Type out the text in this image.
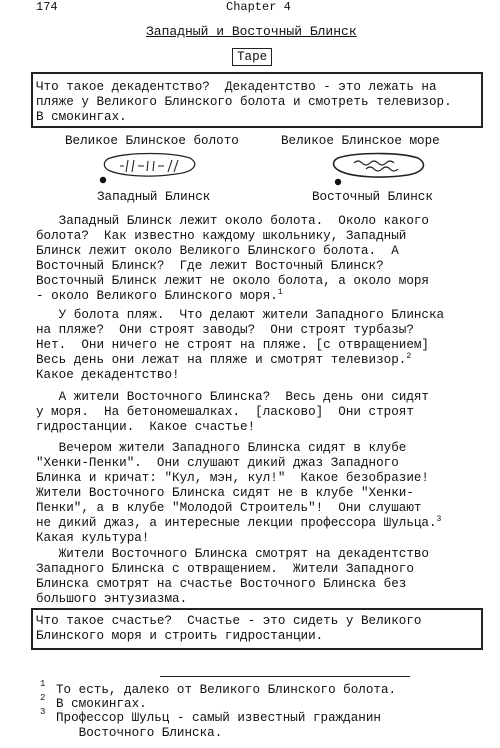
174	Chapter 4
Западный и Восточный Блинск
Tape
Что такое декадентство?  Декадентство - это лежать на
пляже у Великого Блинского болота и смотреть телевизор.
В смокингах.
Великое Блинское болото	Великое Блинское море
Западный Блинск	Восточный Блинск
Западный Блинск лежит около болота.  Около какого
болота?  Как известно каждому школьнику, Западный
Блинск лежит около Великого Блинского болота.  А
Восточный Блинск?  Где лежит Восточный Блинск?
Восточный Блинск лежит не около болота, а около моря
- около Великого Блинского моря.$^1$
У болота пляж.  Что делают жители Западного Блинска
на пляже?  Они строят заводы?  Они строят турбазы?
Нет.  Они ничего не строят на пляже. [с отвращением]
Весь день они лежат на пляже и смотрят телевизор.$^2$
Какое декадентство!
А жители Восточного Блинска?  Весь день они сидят
у моря.  На бетономешалках.  [ласково]  Они строят
гидростанции.  Какое счастье!
Вечером жители Западного Блинска сидят в клубе
"Хенки-Пенки".  Они слушают дикий джаз Западного
Блинка и кричат: "Кул, мэн, кул!"  Какое безобразие!
Жители Восточного Блинска сидят не в клубе "Хенки-
Пенки", а в клубе "Молодой Строитель"!  Они слушают
не дикий джаз, а интересные лекции профессора Шульца.$^3$
Какая культура!
Жители Восточного Блинска смотрят на декадентство
Западного Блинска с отвращением.  Жители Западного
Блинска смотрят на счастье Восточного Блинска без
большого энтузиазма.
Что такое счастье?  Счастье - это сидеть у Великого
Блинского моря и строить гидростанции.
1 То есть, далеко от Великого Блинского болота.
2 В смокингах.
3 Профессор Шульц - самый известный гражданин
Восточного Блинска.
